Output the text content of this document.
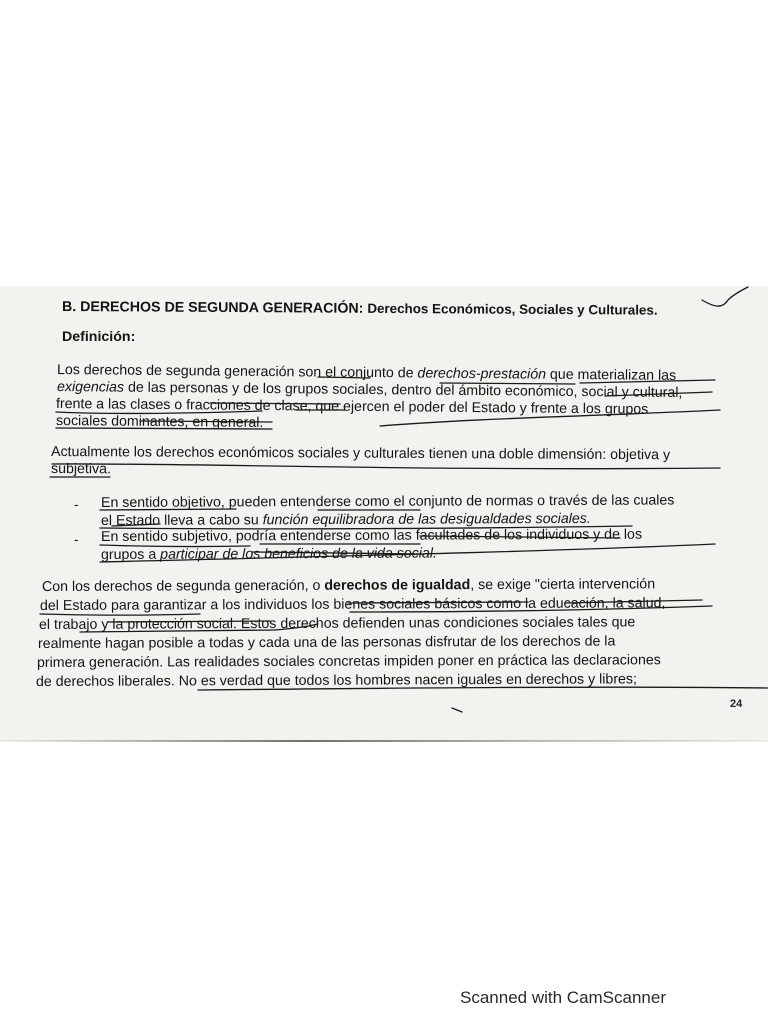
B. DERECHOS DE SEGUNDA GENERACIÓN: Derechos Económicos, Sociales y Culturales.
Definición:
Los derechos de segunda generación son el conjunto de derechos-prestación que materializan las
exigencias de las personas y de los grupos sociales, dentro del ámbito económico, social y cultural,
frente a las clases o fracciones de clase, que ejercen el poder del Estado y frente a los grupos
sociales dominantes, en general.
Actualmente los derechos económicos sociales y culturales tienen una doble dimensión: objetiva y
subjetiva.
- En sentido objetivo, pueden entenderse como el conjunto de normas o través de las cuales
el Estado lleva a cabo su función equilibradora de las desigualdades sociales.
- En sentido subjetivo, podría entenderse como las facultades de los individuos y de los
grupos a participar de los beneficios de la vida social.
Con los derechos de segunda generación, o derechos de igualdad, se exige "cierta intervención
del Estado para garantizar a los individuos los bienes sociales básicos como la educación, la salud,
el trabajo y la protección social. Estos derechos defienden unas condiciones sociales tales que
realmente hagan posible a todas y cada una de las personas disfrutar de los derechos de la
primera generación. Las realidades sociales concretas impiden poner en práctica las declaraciones
de derechos liberales. No es verdad que todos los hombres nacen iguales en derechos y libres;
24
Scanned with CamScanner
